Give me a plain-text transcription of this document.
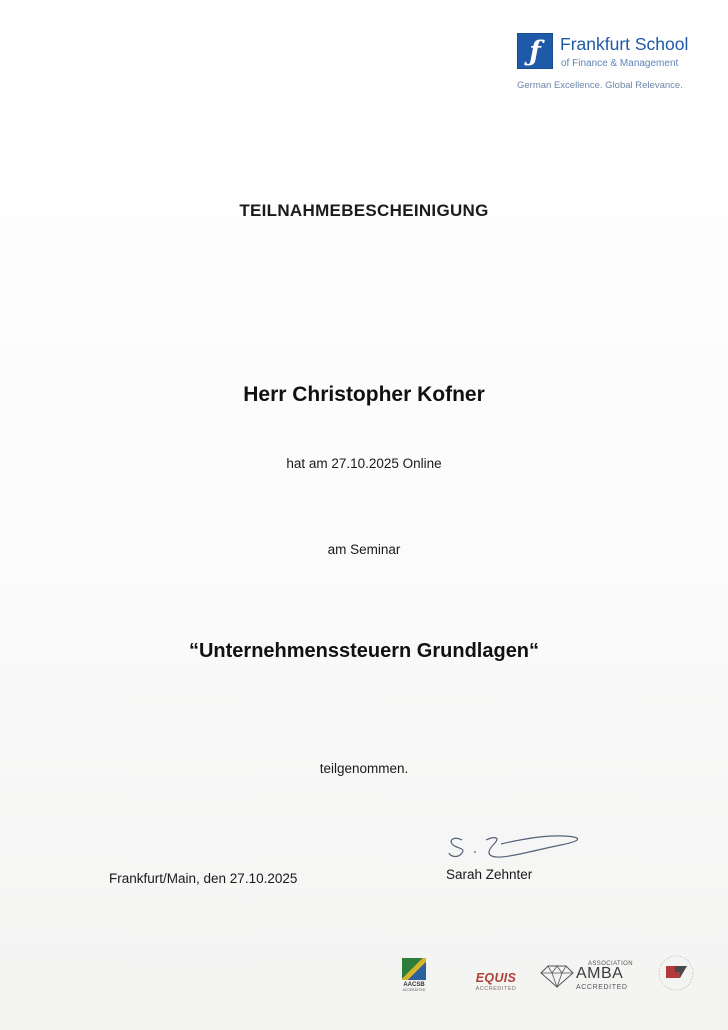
ƒ	Frankfurt School
of Finance & Management
German Excellence. Global Relevance.
TEILNAHMEBESCHEINIGUNG
Herr Christopher Kofner
hat am 27.10.2025 Online
am Seminar
“Unternehmenssteuern Grundlagen“
teilgenommen.
Frankfurt/Main, den 27.10.2025	Sarah Zehnter
AACSB
ACCREDITED
EQUIS
ACCREDITED
ASSOCIATION
AMBA
ACCREDITED
